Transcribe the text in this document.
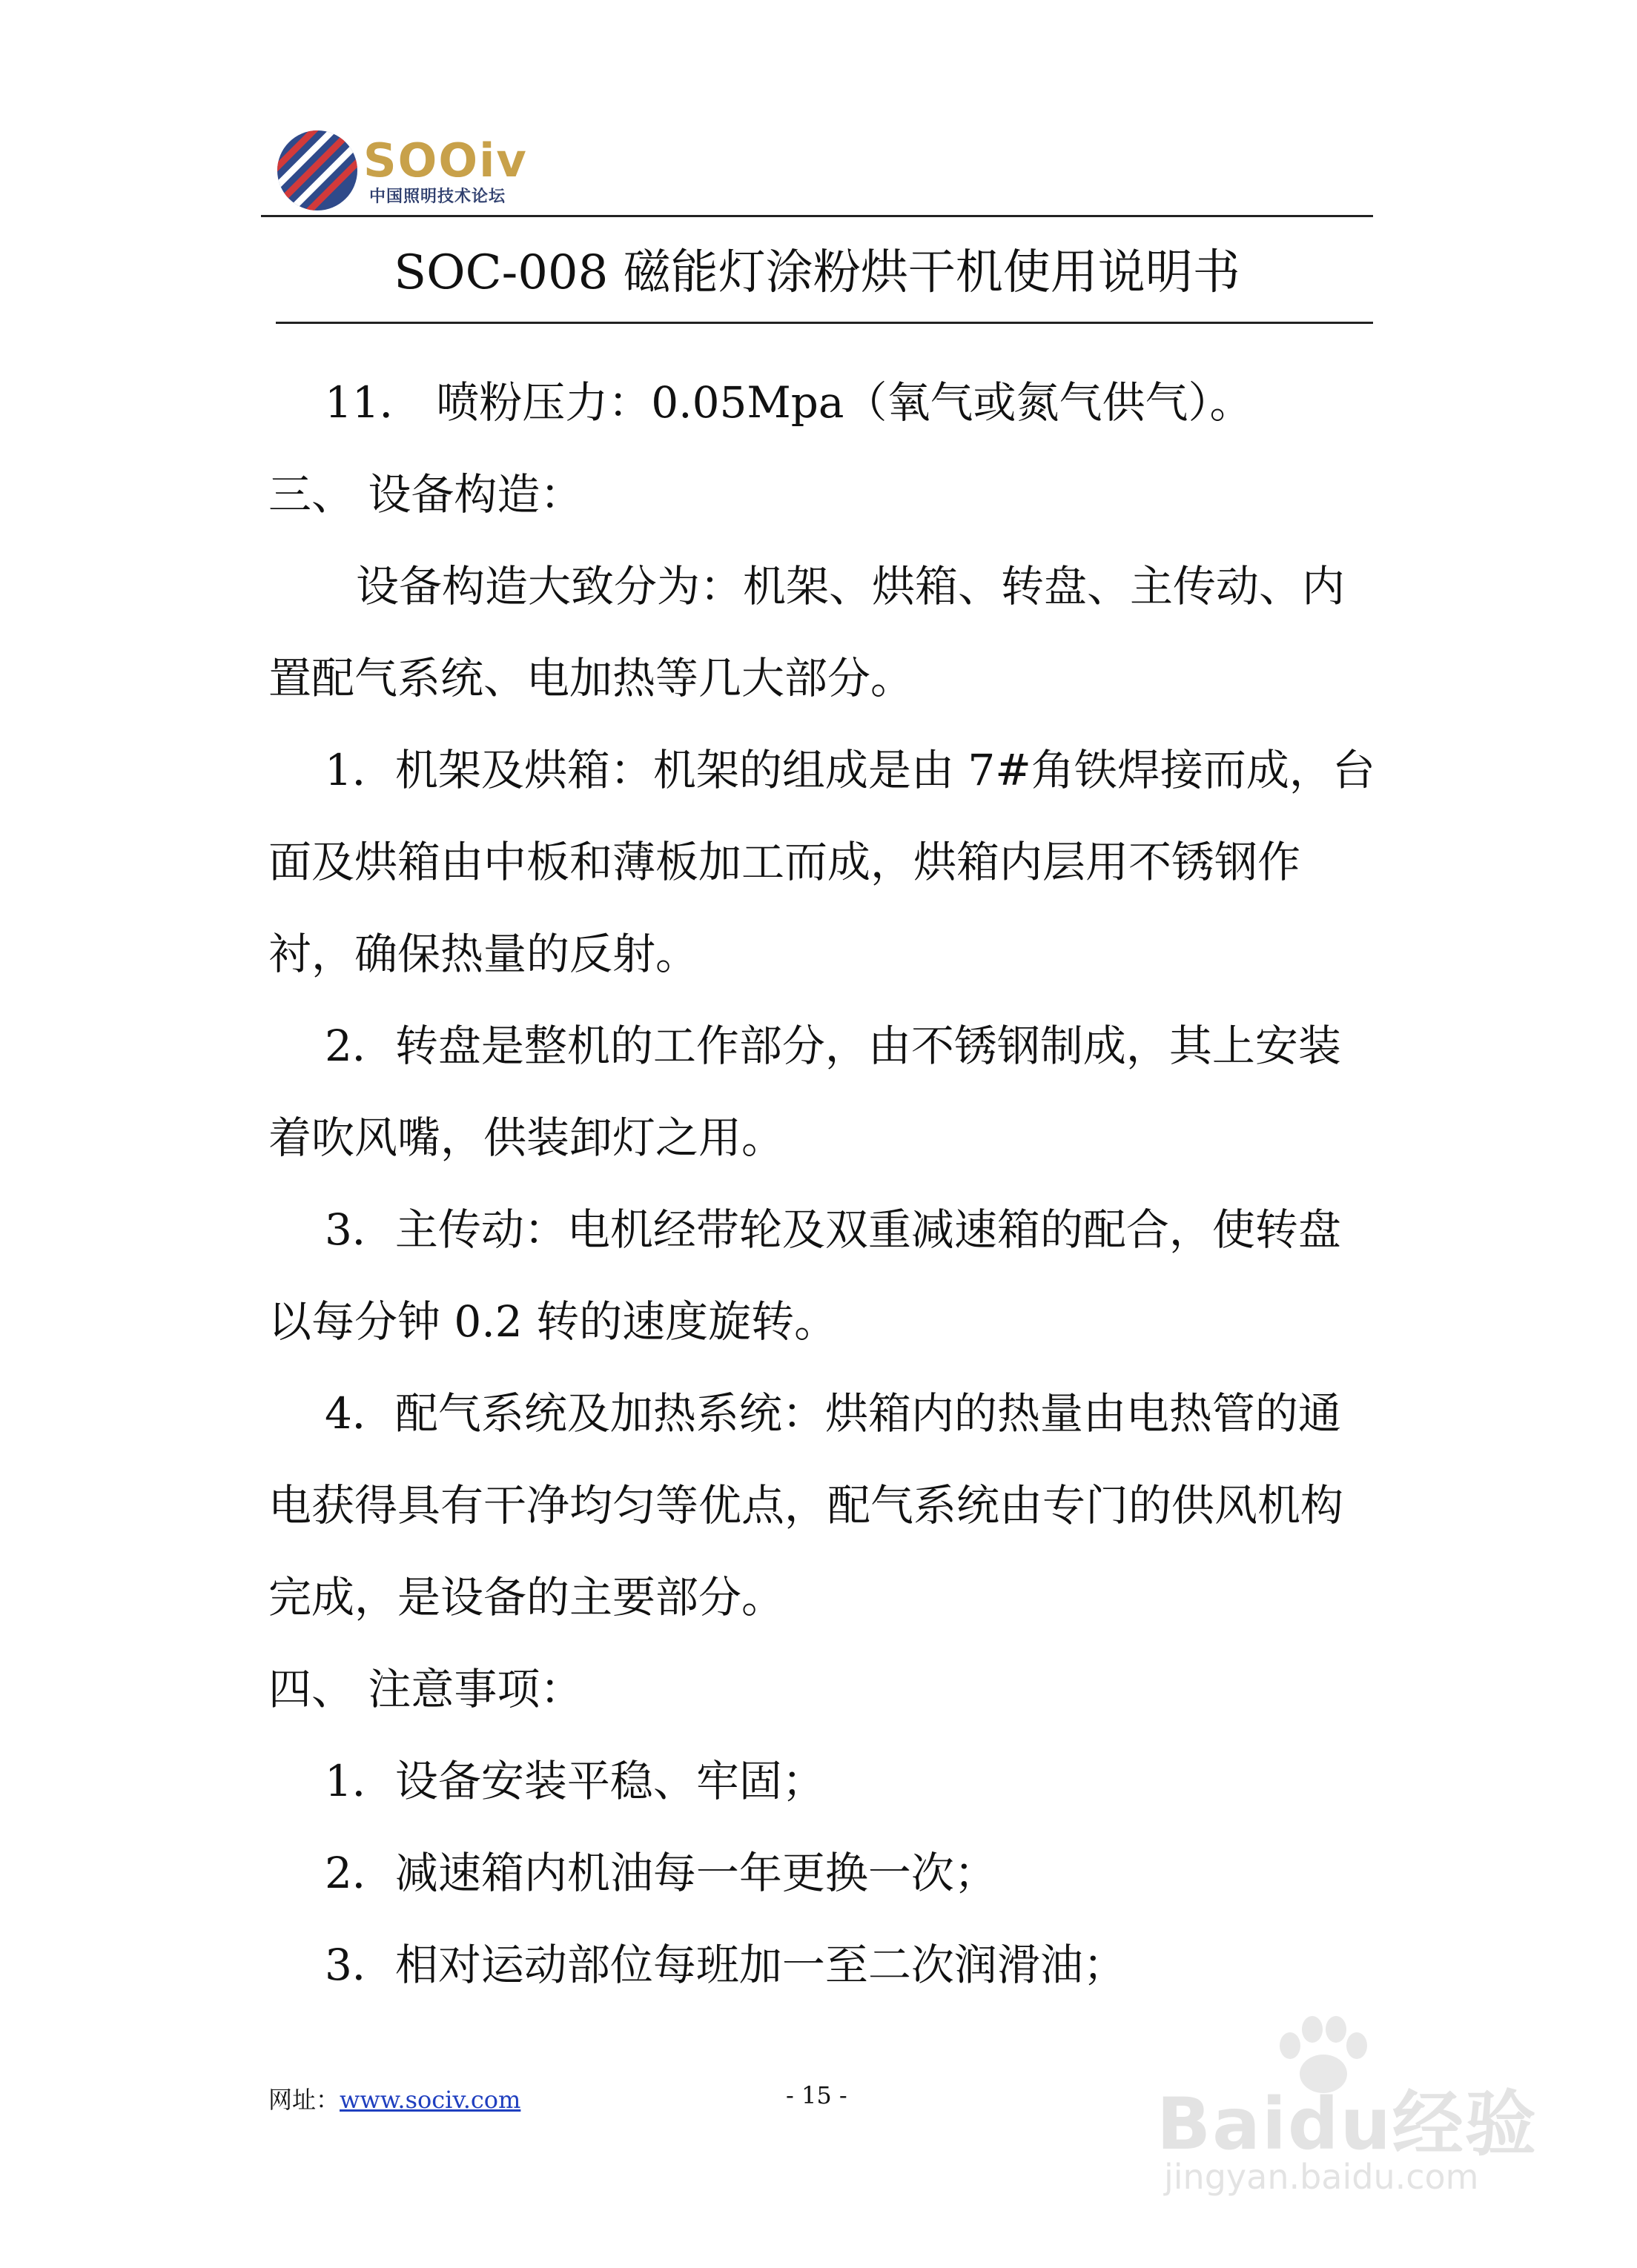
SOOiv
中国照明技术论坛
SOC-008 磁能灯涂粉烘干机使用说明书
11． 喷粉压力：0.05Mpa（氧气或氮气供气）。
三、 设备构造：
设备构造大致分为：机架、烘箱、转盘、主传动、内
置配气系统、电加热等几大部分。
1．机架及烘箱：机架的组成是由 7#角铁焊接而成，台
面及烘箱由中板和薄板加工而成，烘箱内层用不锈钢作
衬，确保热量的反射。
2．转盘是整机的工作部分，由不锈钢制成，其上安装
着吹风嘴，供装卸灯之用。
3．主传动：电机经带轮及双重减速箱的配合，使转盘
以每分钟 0.2 转的速度旋转。
4．配气系统及加热系统：烘箱内的热量由电热管的通
电获得具有干净均匀等优点，配气系统由专门的供风机构
完成，是设备的主要部分。
四、 注意事项：
1．设备安装平稳、牢固；
2．减速箱内机油每一年更换一次；
3．相对运动部位每班加一至二次润滑油；
网址：www.sociv.com	- 15 -	Baidu经验
jingyan.baidu.com
